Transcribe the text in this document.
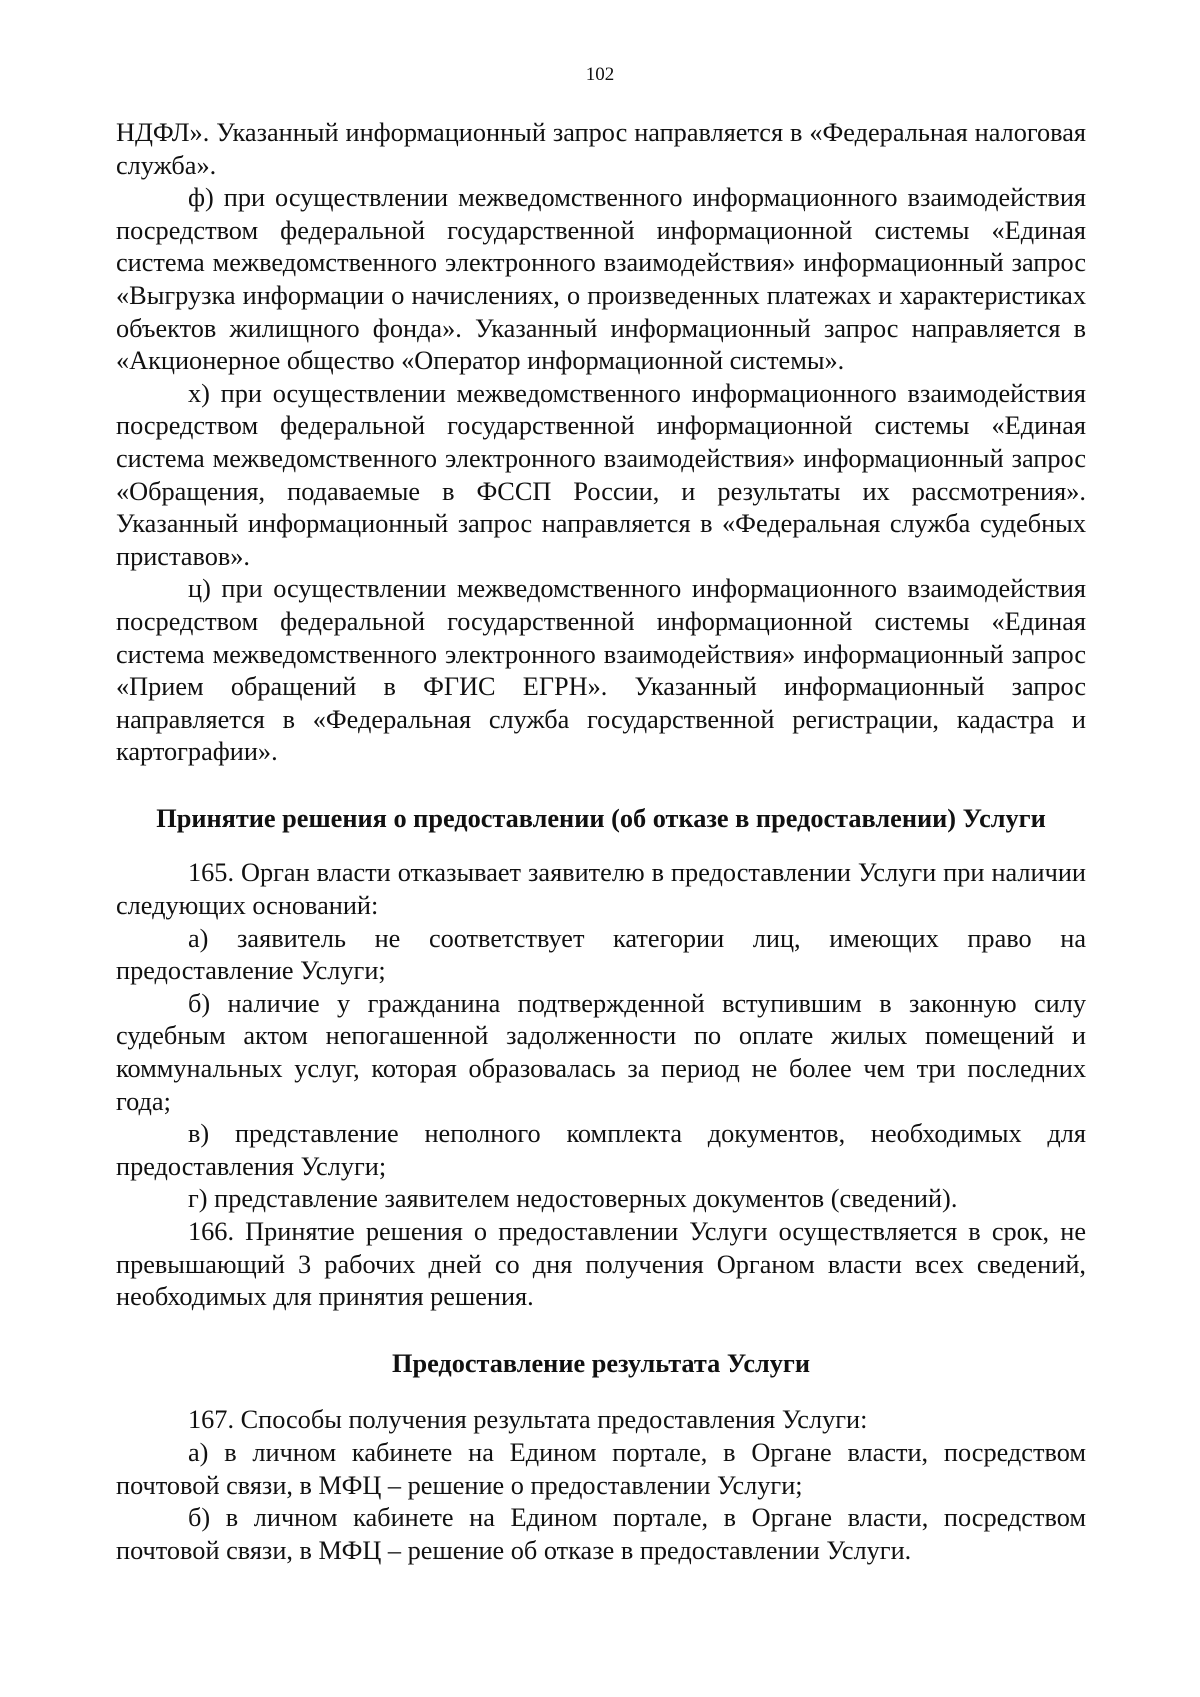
102

НДФЛ». Указанный информационный запрос направляется в «Федеральная налоговая служба».

ф) при осуществлении межведомственного информационного взаимодействия посредством федеральной государственной информационной системы «Единая система межведомственного электронного взаимодействия» информационный запрос «Выгрузка информации о начислениях, о произведенных платежах и характеристиках объектов жилищного фонда». Указанный информационный запрос направляется в «Акционерное общество «Оператор информационной системы».

х) при осуществлении межведомственного информационного взаимодействия посредством федеральной государственной информационной системы «Единая система межведомственного электронного взаимодействия» информационный запрос «Обращения, подаваемые в ФССП России, и результаты их рассмотрения». Указанный информационный запрос направляется в «Федеральная служба судебных приставов».

ц) при осуществлении межведомственного информационного взаимодействия посредством федеральной государственной информационной системы «Единая система межведомственного электронного взаимодействия» информационный запрос «Прием обращений в ФГИС ЕГРН». Указанный информационный запрос направляется в «Федеральная служба государственной регистрации, кадастра и картографии».

Принятие решения о предоставлении (об отказе в предоставлении) Услуги

165. Орган власти отказывает заявителю в предоставлении Услуги при наличии следующих оснований:

а) заявитель не соответствует категории лиц, имеющих право на предоставление Услуги;

б) наличие у гражданина подтвержденной вступившим в законную силу судебным актом непогашенной задолженности по оплате жилых помещений и коммунальных услуг, которая образовалась за период не более чем три последних года;

в) представление неполного комплекта документов, необходимых для предоставления Услуги;

г) представление заявителем недостоверных документов (сведений).

166. Принятие решения о предоставлении Услуги осуществляется в срок, не превышающий 3 рабочих дней со дня получения Органом власти всех сведений, необходимых для принятия решения.

Предоставление результата Услуги

167. Способы получения результата предоставления Услуги:

а) в личном кабинете на Едином портале, в Органе власти, посредством почтовой связи, в МФЦ – решение о предоставлении Услуги;

б) в личном кабинете на Едином портале, в Органе власти, посредством почтовой связи, в МФЦ – решение об отказе в предоставлении Услуги.
